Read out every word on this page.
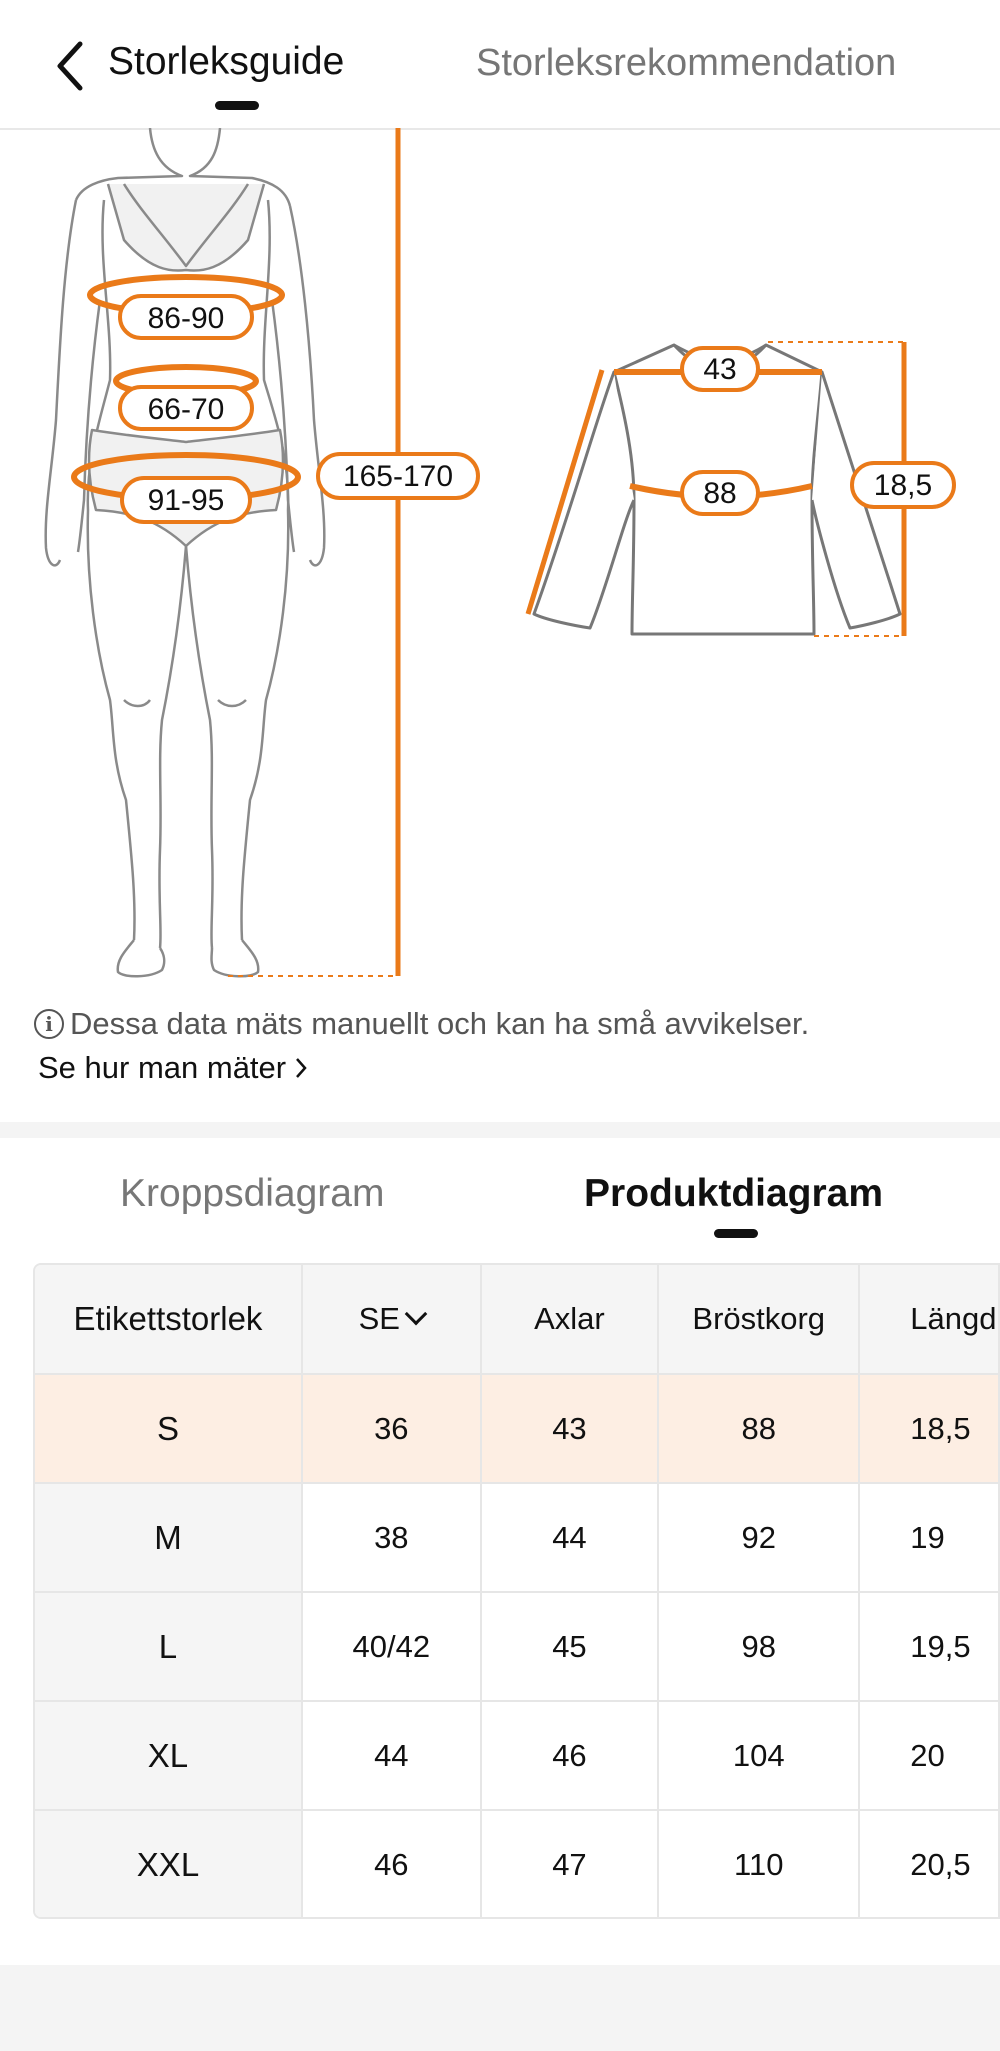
Storleksguide	Storleksrekommendation
86-90
66-70
91-95
165-170
43
88	18,5
i Dessa data mäts manuellt och kan ha små avvikelser.
Se hur man mäter
Kroppsdiagram	Produktdiagram
Etikettstorlek	SE	Axlar	Bröstkorg	Längd
S	36	43	88	18,5
M	38	44	92	19
L	40/42	45	98	19,5
XL	44	46	104	20
XXL	46	47	110	20,5
